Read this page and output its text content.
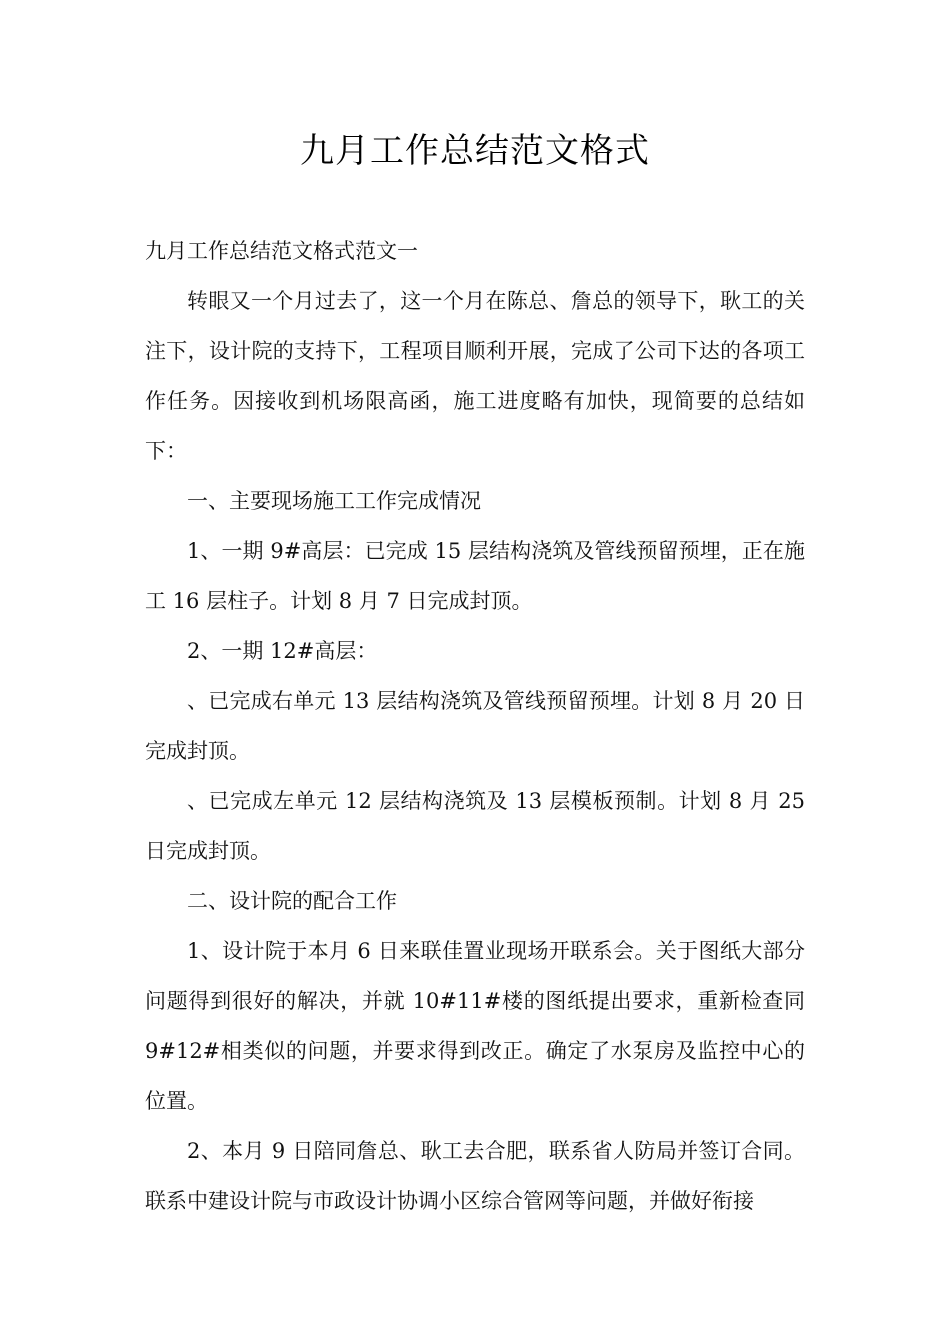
九月工作总结范文格式

九月工作总结范文格式范文一

转眼又一个月过去了，这一个月在陈总、詹总的领导下，耿工的关注下，设计院的支持下，工程项目顺利开展，完成了公司下达的各项工作任务。因接收到机场限高函，施工进度略有加快，现简要的总结如下：

一、主要现场施工工作完成情况

1、一期 9#高层：已完成 15 层结构浇筑及管线预留预埋，正在施工 16 层柱子。计划 8 月 7 日完成封顶。

2、一期 12#高层：

、已完成右单元 13 层结构浇筑及管线预留预埋。计划 8 月 20 日完成封顶。

、已完成左单元 12 层结构浇筑及 13 层模板预制。计划 8 月 25 日完成封顶。

二、设计院的配合工作

1、设计院于本月 6 日来联佳置业现场开联系会。关于图纸大部分问题得到很好的解决，并就 10#11#楼的图纸提出要求，重新检查同 9#12#相类似的问题，并要求得到改正。确定了水泵房及监控中心的位置。

2、本月 9 日陪同詹总、耿工去合肥，联系省人防局并签订合同。联系中建设计院与市政设计协调小区综合管网等问题，并做好衔接
